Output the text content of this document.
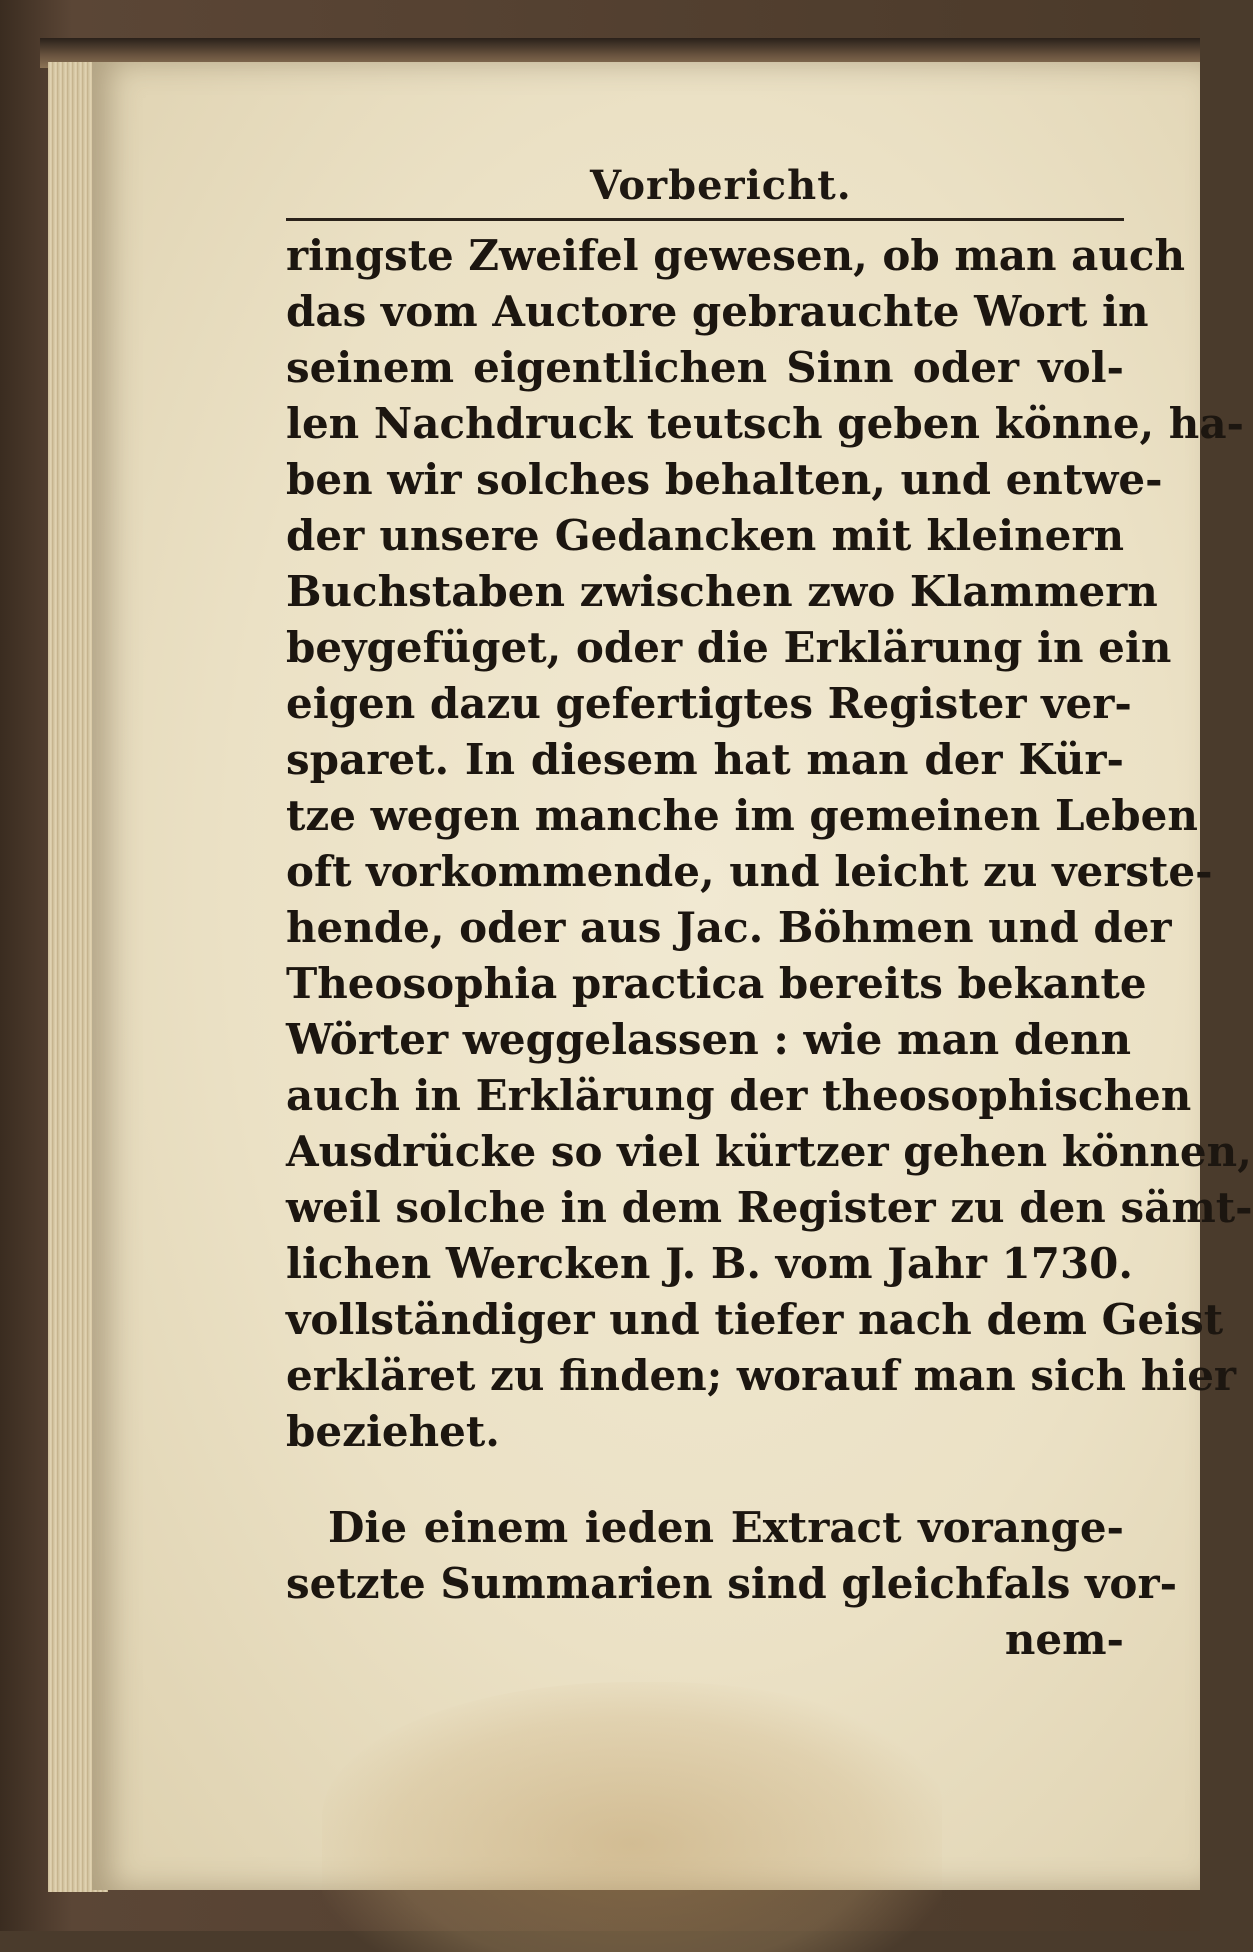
Vorbericht.
ringste Zweifel gewesen, ob man auch
das vom Auctore gebrauchte Wort in
seinem eigentlichen Sinn oder vol-
len Nachdruck teutsch geben könne, ha-
ben wir solches behalten, und entwe-
der unsere Gedancken mit kleinern
Buchstaben zwischen zwo Klammern
beygefüget, oder die Erklärung in ein
eigen dazu gefertigtes Register ver-
sparet. In diesem hat man der Kür-
tze wegen manche im gemeinen Leben
oft vorkommende, und leicht zu verste-
hende, oder aus Jac. Böhmen und der
Theosophia practica bereits bekante
Wörter weggelassen : wie man denn
auch in Erklärung der theosophischen
Ausdrücke so viel kürtzer gehen können,
weil solche in dem Register zu den sämt-
lichen Wercken J. B. vom Jahr 1730.
vollständiger und tiefer nach dem Geist
erkläret zu finden; worauf man sich hier
beziehet.
Die einem ieden Extract vorange-
setzte Summarien sind gleichfals vor-
nem-
